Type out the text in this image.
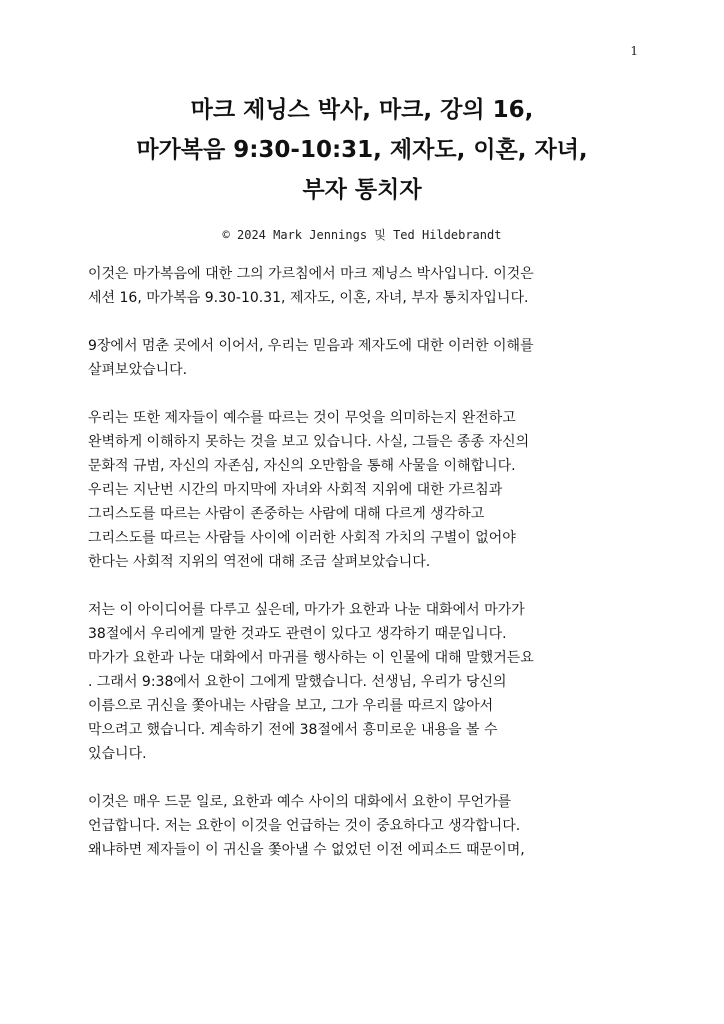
1
마크 제닝스 박사, 마크, 강의 16,
마가복음 9:30-10:31, 제자도, 이혼, 자녀,
부자 통치자
© 2024 Mark Jennings 및 Ted Hildebrandt

이것은 마가복음에 대한 그의 가르침에서 마크 제닝스 박사입니다. 이것은
세션 16, 마가복음 9.30-10.31, 제자도, 이혼, 자녀, 부자 통치자입니다.

9장에서 멈춘 곳에서 이어서, 우리는 믿음과 제자도에 대한 이러한 이해를
살펴보았습니다.

우리는 또한 제자들이 예수를 따르는 것이 무엇을 의미하는지 완전하고
완벽하게 이해하지 못하는 것을 보고 있습니다. 사실, 그들은 종종 자신의
문화적 규범, 자신의 자존심, 자신의 오만함을 통해 사물을 이해합니다.
우리는 지난번 시간의 마지막에 자녀와 사회적 지위에 대한 가르침과
그리스도를 따르는 사람이 존중하는 사람에 대해 다르게 생각하고
그리스도를 따르는 사람들 사이에 이러한 사회적 가치의 구별이 없어야
한다는 사회적 지위의 역전에 대해 조금 살펴보았습니다.

저는 이 아이디어를 다루고 싶은데, 마가가 요한과 나눈 대화에서 마가가
38절에서 우리에게 말한 것과도 관련이 있다고 생각하기 때문입니다.
마가가 요한과 나눈 대화에서 마귀를 행사하는 이 인물에 대해 말했거든요
. 그래서 9:38에서 요한이 그에게 말했습니다. 선생님, 우리가 당신의
이름으로 귀신을 쫓아내는 사람을 보고, 그가 우리를 따르지 않아서
막으려고 했습니다. 계속하기 전에 38절에서 흥미로운 내용을 볼 수
있습니다.

이것은 매우 드문 일로, 요한과 예수 사이의 대화에서 요한이 무언가를
언급합니다. 저는 요한이 이것을 언급하는 것이 중요하다고 생각합니다.
왜냐하면 제자들이 이 귀신을 쫓아낼 수 없었던 이전 에피소드 때문이며,
